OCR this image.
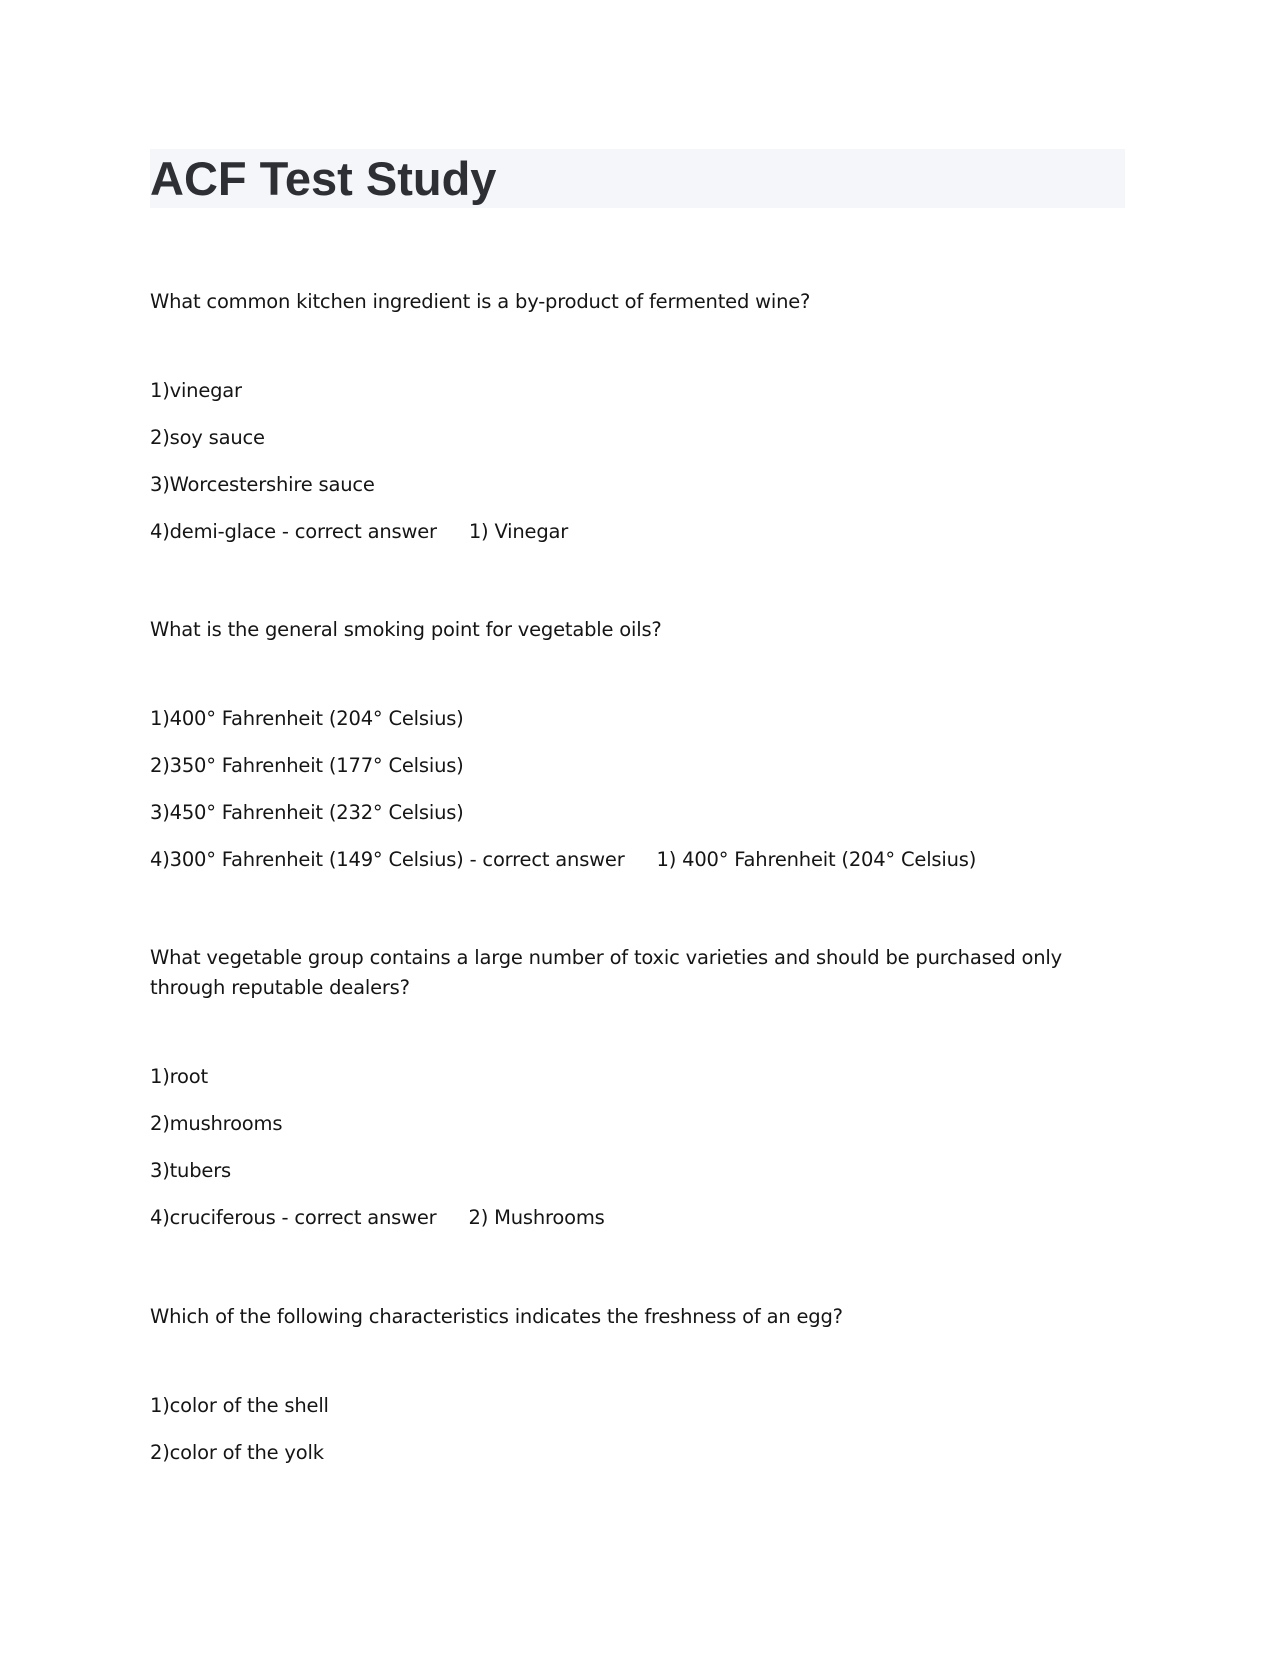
ACF Test Study

What common kitchen ingredient is a by-product of fermented wine?

1)vinegar

2)soy sauce

3)Worcestershire sauce

4)demi-glace - correct answer 1) Vinegar

What is the general smoking point for vegetable oils?

1)400° Fahrenheit (204° Celsius)

2)350° Fahrenheit (177° Celsius)

3)450° Fahrenheit (232° Celsius)

4)300° Fahrenheit (149° Celsius) - correct answer 1) 400° Fahrenheit (204° Celsius)

What vegetable group contains a large number of toxic varieties and should be purchased only through reputable dealers?

1)root

2)mushrooms

3)tubers

4)cruciferous - correct answer 2) Mushrooms

Which of the following characteristics indicates the freshness of an egg?

1)color of the shell

2)color of the yolk
